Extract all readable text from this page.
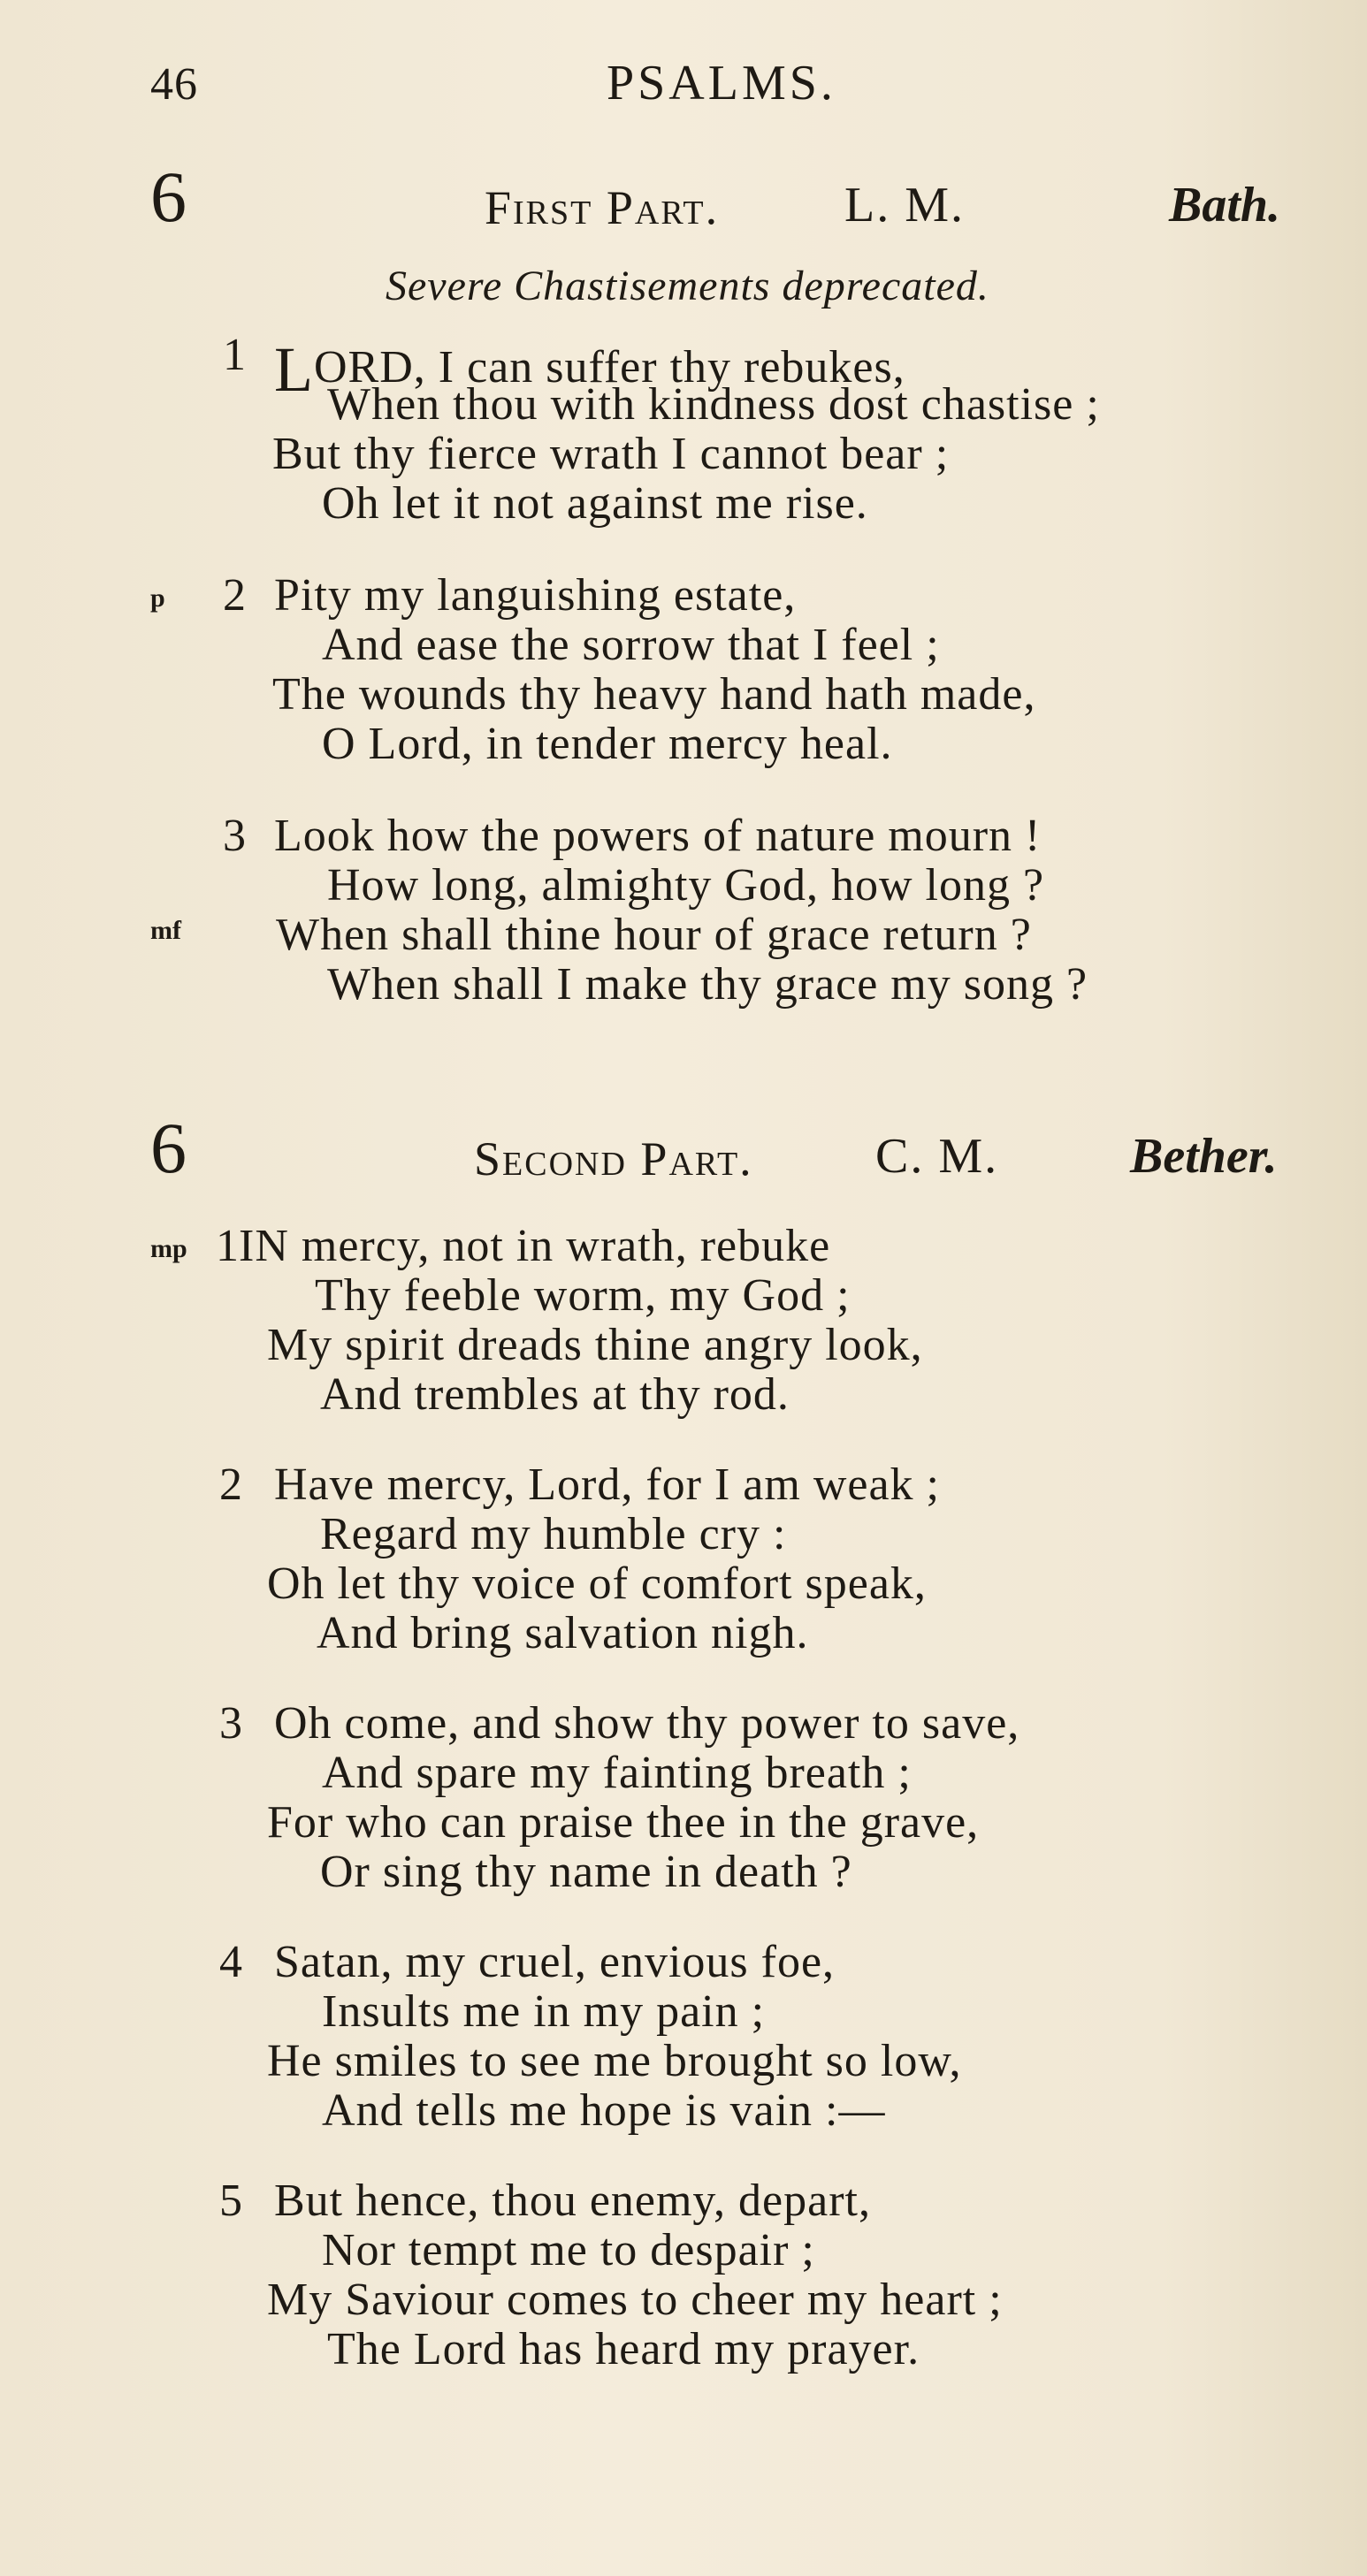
46	PSALMS.
6	First Part.	L. M.	Bath.
Severe Chastisements deprecated.
1 LORD, I can suffer thy rebukes,
When thou with kindness dost chastise ;
But thy fierce wrath I cannot bear ;
Oh let it not against me rise.
p 2 Pity my languishing estate,
And ease the sorrow that I feel ;
The wounds thy heavy hand hath made,
O Lord, in tender mercy heal.
3 Look how the powers of nature mourn !
How long, almighty God, how long ?
mf When shall thine hour of grace return ?
When shall I make thy grace my song ?
6	Second Part. C. M.	Bether.
mp 1 IN mercy, not in wrath, rebuke
Thy feeble worm, my God ;
My spirit dreads thine angry look,
And trembles at thy rod.
2 Have mercy, Lord, for I am weak ;
Regard my humble cry :
Oh let thy voice of comfort speak,
And bring salvation nigh.
3 Oh come, and show thy power to save,
And spare my fainting breath ;
For who can praise thee in the grave,
Or sing thy name in death ?
4 Satan, my cruel, envious foe,
Insults me in my pain ;
He smiles to see me brought so low,
And tells me hope is vain :—
5 But hence, thou enemy, depart,
Nor tempt me to despair ;
My Saviour comes to cheer my heart ;
The Lord has heard my prayer.
